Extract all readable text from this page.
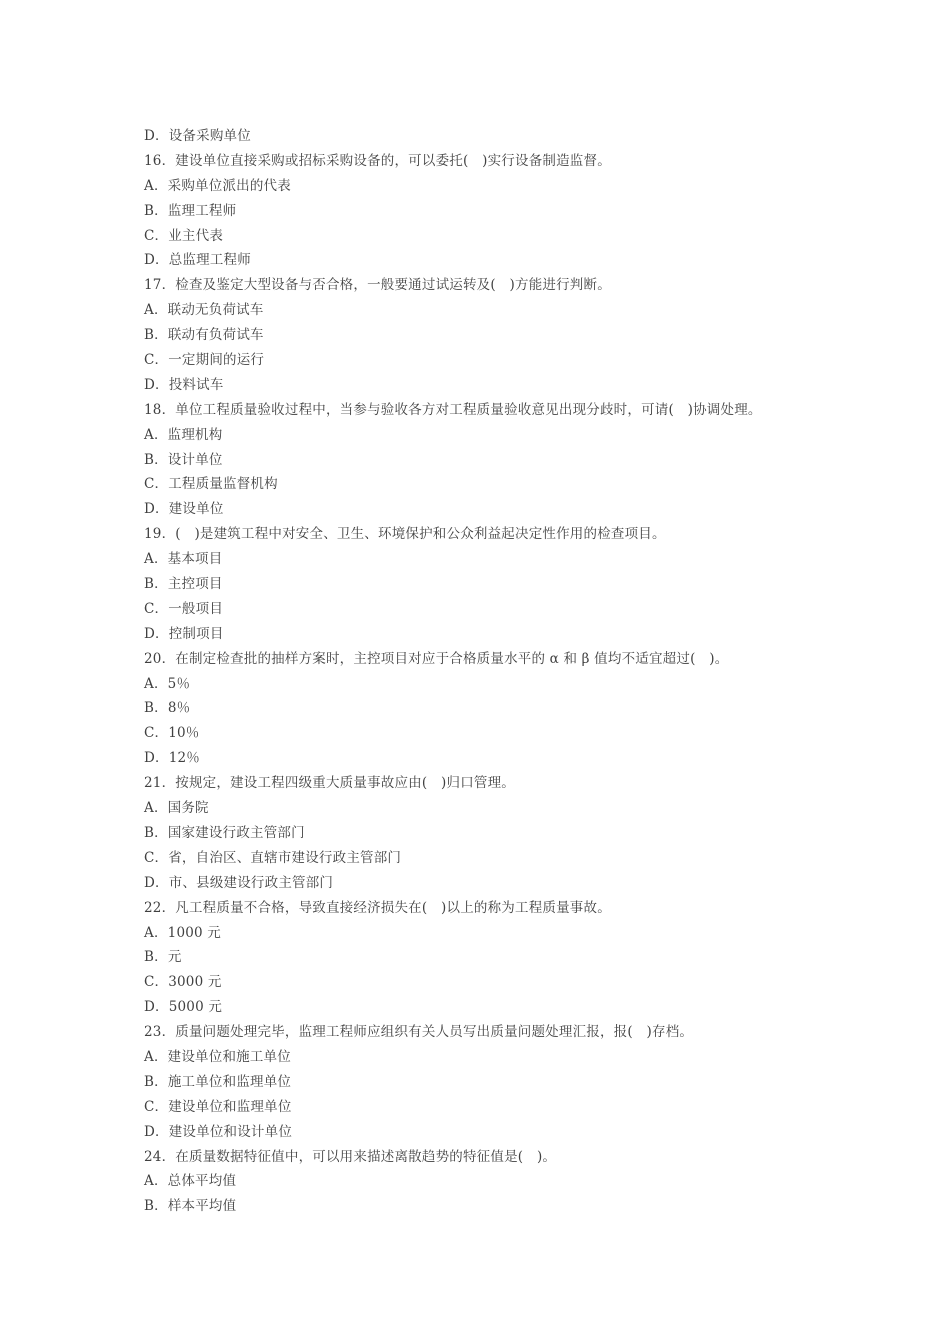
D．设备采购单位
16．建设单位直接采购或招标采购设备的，可以委托(　)实行设备制造监督。
A．采购单位派出的代表
B．监理工程师
C．业主代表
D．总监理工程师
17．检查及鉴定大型设备与否合格，一般要通过试运转及(　)方能进行判断。
A．联动无负荷试车
B．联动有负荷试车
C．一定期间的运行
D．投料试车
18．单位工程质量验收过程中，当参与验收各方对工程质量验收意见出现分歧时，可请(　)协调处理。
A．监理机构
B．设计单位
C．工程质量监督机构
D．建设单位
19．(　)是建筑工程中对安全、卫生、环境保护和公众利益起决定性作用的检查项目。
A．基本项目
B．主控项目
C．一般项目
D．控制项目
20．在制定检查批的抽样方案时，主控项目对应于合格质量水平的 α 和 β 值均不适宜超过(　)。
A．5％
B．8％
C．10％
D．12％
21．按规定，建设工程四级重大质量事故应由(　)归口管理。
A．国务院
B．国家建设行政主管部门
C．省，自治区、直辖市建设行政主管部门
D．市、县级建设行政主管部门
22．凡工程质量不合格，导致直接经济损失在(　)以上的称为工程质量事故。
A．1000 元
B．元
C．3000 元
D．5000 元
23．质量问题处理完毕，监理工程师应组织有关人员写出质量问题处理汇报，报(　)存档。
A．建设单位和施工单位
B．施工单位和监理单位
C．建设单位和监理单位
D．建设单位和设计单位
24．在质量数据特征值中，可以用来描述离散趋势的特征值是(　)。
A．总体平均值
B．样本平均值
